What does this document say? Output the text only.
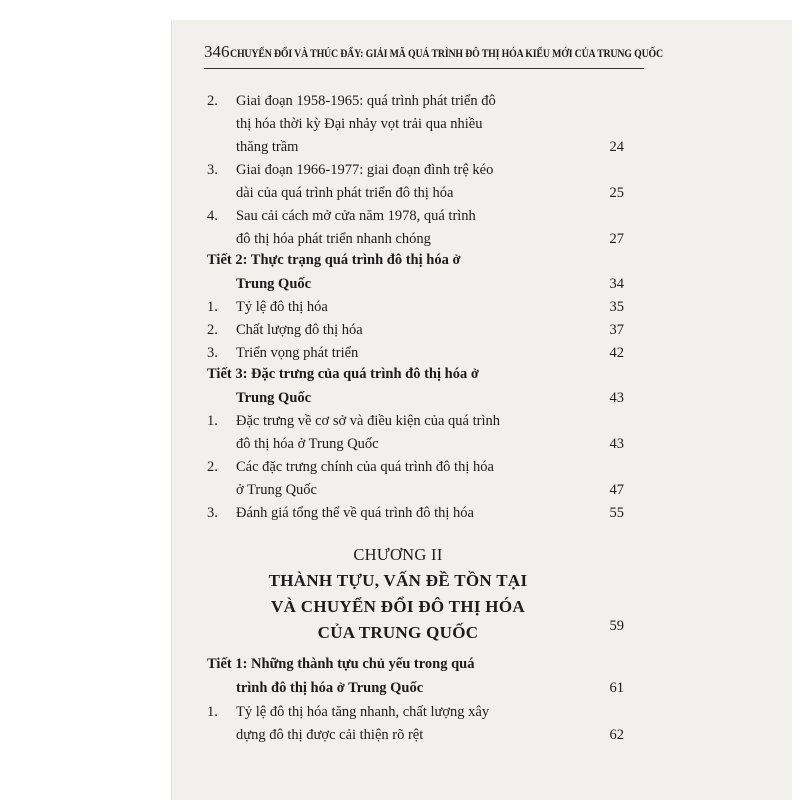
346 CHUYỂN ĐỔI VÀ THÚC ĐẨY: GIẢI MÃ QUÁ TRÌNH ĐÔ THỊ HÓA KIỂU MỚI CỦA TRUNG QUỐC
2. Giai đoạn 1958-1965: quá trình phát triển đô
thị hóa thời kỳ Đại nhảy vọt trải qua nhiều
thăng trầm	24
3. Giai đoạn 1966-1977: giai đoạn đình trệ kéo
dài của quá trình phát triển đô thị hóa	25
4. Sau cải cách mở cửa năm 1978, quá trình
đô thị hóa phát triển nhanh chóng	27
Tiết 2: Thực trạng quá trình đô thị hóa ở
Trung Quốc	34
1. Tỷ lệ đô thị hóa	35
2. Chất lượng đô thị hóa	37
3. Triển vọng phát triển	42
Tiết 3: Đặc trưng của quá trình đô thị hóa ở
Trung Quốc	43
1. Đặc trưng về cơ sở và điều kiện của quá trình
đô thị hóa ở Trung Quốc	43
2. Các đặc trưng chính của quá trình đô thị hóa
ở Trung Quốc	47
3. Đánh giá tổng thể về quá trình đô thị hóa	55
CHƯƠNG II
THÀNH TỰU, VẤN ĐỀ TỒN TẠI
VÀ CHUYỂN ĐỔI ĐÔ THỊ HÓA
CỦA TRUNG QUỐC	59
Tiết 1: Những thành tựu chủ yếu trong quá
trình đô thị hóa ở Trung Quốc	61
1. Tỷ lệ đô thị hóa tăng nhanh, chất lượng xây
dựng đô thị được cải thiện rõ rệt	62
